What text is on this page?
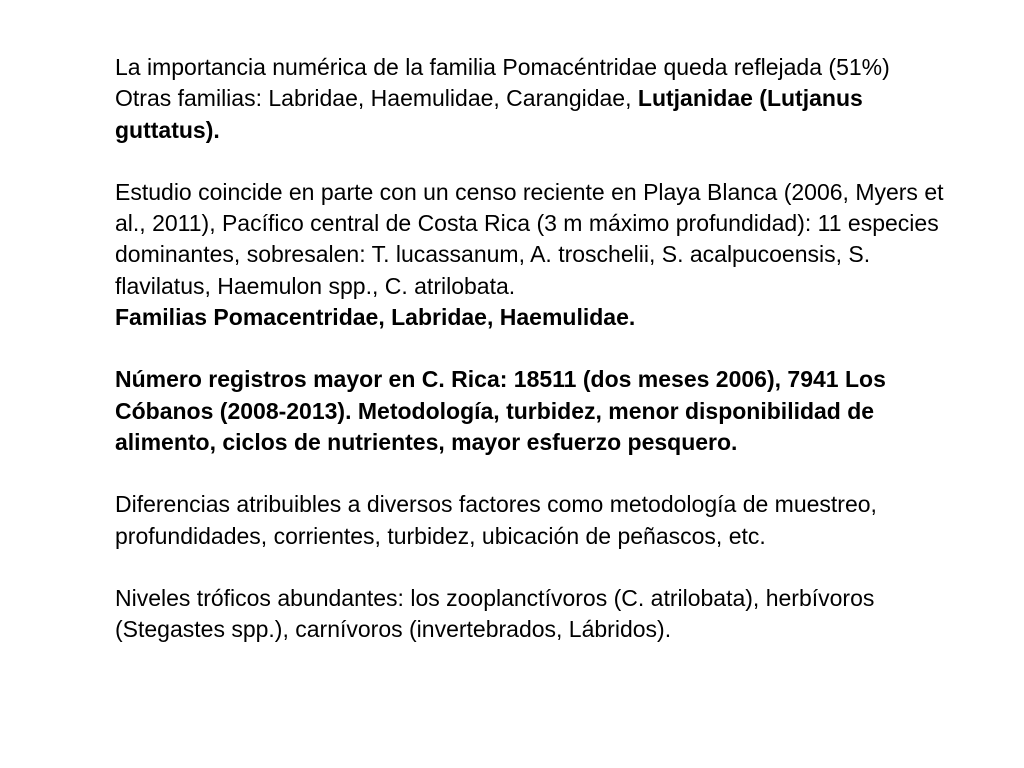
La importancia numérica de la familia Pomacéntridae queda reflejada (51%)
Otras familias: Labridae, Haemulidae, Carangidae, Lutjanidae (Lutjanus guttatus).
Estudio coincide en parte con un censo reciente en Playa Blanca (2006, Myers et al., 2011), Pacífico central de Costa Rica (3 m máximo profundidad): 11 especies dominantes, sobresalen: T. lucassanum, A. troschelii, S. acalpucoensis, S. flavilatus, Haemulon spp., C. atrilobata.
Familias Pomacentridae, Labridae, Haemulidae.
Número registros mayor en C. Rica: 18511 (dos meses 2006), 7941 Los Cóbanos (2008-2013). Metodología, turbidez, menor disponibilidad de alimento, ciclos de nutrientes, mayor esfuerzo pesquero.
Diferencias atribuibles a diversos factores como metodología de muestreo, profundidades, corrientes, turbidez, ubicación de peñascos, etc.
Niveles tróficos abundantes: los zooplanctívoros (C. atrilobata), herbívoros (Stegastes spp.), carnívoros (invertebrados, Lábridos).
